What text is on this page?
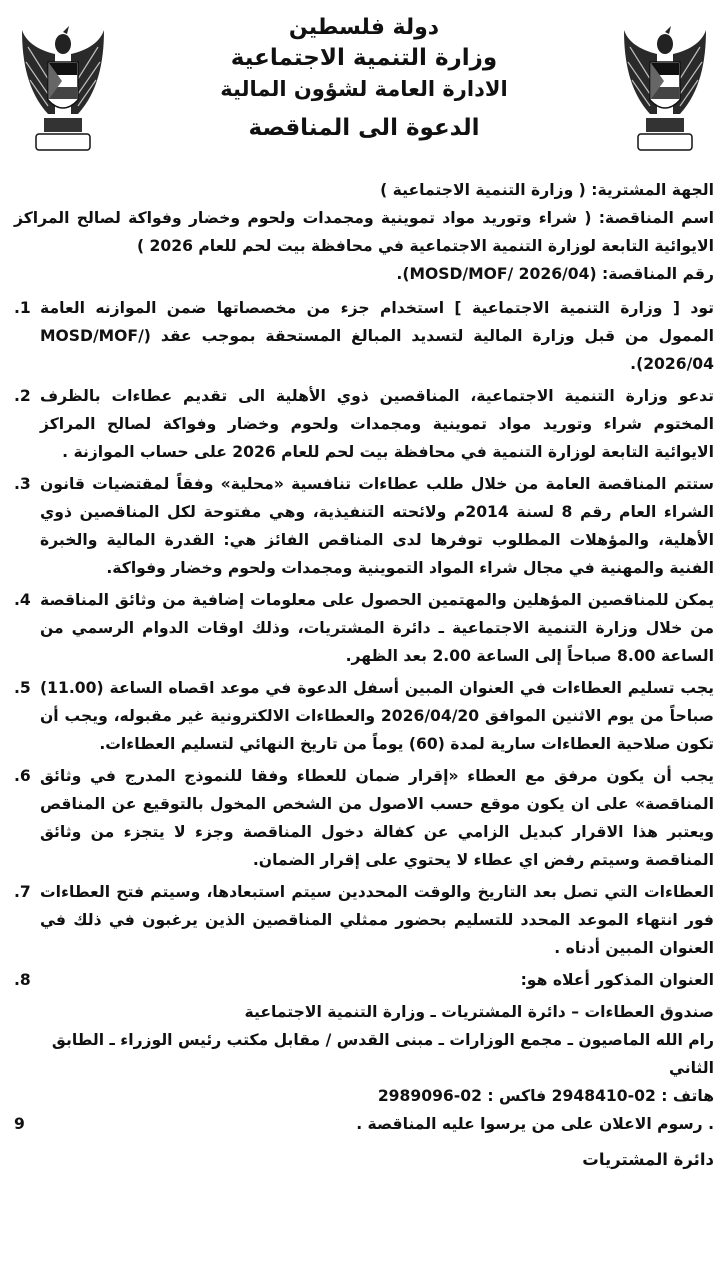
دولة فلسطين
وزارة التنمية الاجتماعية
الادارة العامة لشؤون المالية
الدعوة الى المناقصة

الجهة المشترية: ( وزارة التنمية الاجتماعية )

اسم المناقصة: ( شراء وتوريد مواد تموينية ومجمدات ولحوم وخضار وفواكة لصالح المراكز الايوائية التابعة لوزارة التنمية الاجتماعية في محافظة بيت لحم للعام 2026 )

رقم المناقصة: (MOSD/MOF/ 2026/04).

.1 تود [ وزارة التنمية الاجتماعية ] استخدام جزء من مخصصاتها ضمن الموازنه العامة الممول من قبل وزارة المالية لتسديد المبالغ المستحقة بموجب عقد (MOSD/MOF/ 2026/04).
.2 تدعو وزارة التنمية الاجتماعية، المناقصين ذوي الأهلية الى تقديم عطاءات بالظرف المختوم شراء وتوريد مواد تموينية ومجمدات ولحوم وخضار وفواكة لصالح المراكز الايوائية التابعة لوزارة التنمية في محافظة بيت لحم للعام 2026 على حساب الموازنة .
.3 ستتم المناقصة العامة من خلال طلب عطاءات تنافسية «محلية» وفقاً لمقتضيات قانون الشراء العام رقم 8 لسنة 2014م ولائحته التنفيذية، وهي مفتوحة لكل المناقصين ذوي الأهلية، والمؤهلات المطلوب توفرها لدى المناقص الفائز هي: القدرة المالية والخبرة الفنية والمهنية في مجال شراء المواد التموينية ومجمدات ولحوم وخضار وفواكة.
.4 يمكن للمناقصين المؤهلين والمهتمين الحصول على معلومات إضافية من وثائق المناقصة من خلال وزارة التنمية الاجتماعية ـ دائرة المشتريات، وذلك اوقات الدوام الرسمي من الساعة 8.00 صباحاً إلى الساعة 2.00 بعد الظهر.
.5 يجب تسليم العطاءات في العنوان المبين أسفل الدعوة في موعد اقصاه الساعة (11.00) صباحاً من يوم الاثنين الموافق 2026/04/20 والعطاءات الالكترونية غير مقبوله، ويجب أن تكون صلاحية العطاءات سارية لمدة (60) يوماً من تاريخ النهائي لتسليم العطاءات.
.6 يجب أن يكون مرفق مع العطاء «إقرار ضمان للعطاء وفقا للنموذج المدرج في وثائق المناقصة» على ان يكون موقع حسب الاصول من الشخص المخول بالتوقيع عن المناقص ويعتبر هذا الاقرار كبديل الزامي عن كفالة دخول المناقصة وجزء لا يتجزء من وثائق المناقصة وسيتم رفض اي عطاء لا يحتوي على إقرار الضمان.
.7 العطاءات التي تصل بعد التاريخ والوقت المحددين سيتم استبعادها، وسيتم فتح العطاءات فور انتهاء الموعد المحدد للتسليم بحضور ممثلي المناقصين الذين يرغبون في ذلك في العنوان المبين أدناه .
.8	العنوان المذكور أعلاه هو:
صندوق العطاءات – دائرة المشتريات ـ وزارة التنمية الاجتماعية
رام الله الماصيون ـ مجمع الوزارات ـ مبنى القدس / مقابل مكتب رئيس الوزراء ـ الطابق الثاني
هاتف : 02-2948410 فاكس : 02-2989096
9	. رسوم الاعلان على من يرسوا عليه المناقصة .
دائرة المشتريات
